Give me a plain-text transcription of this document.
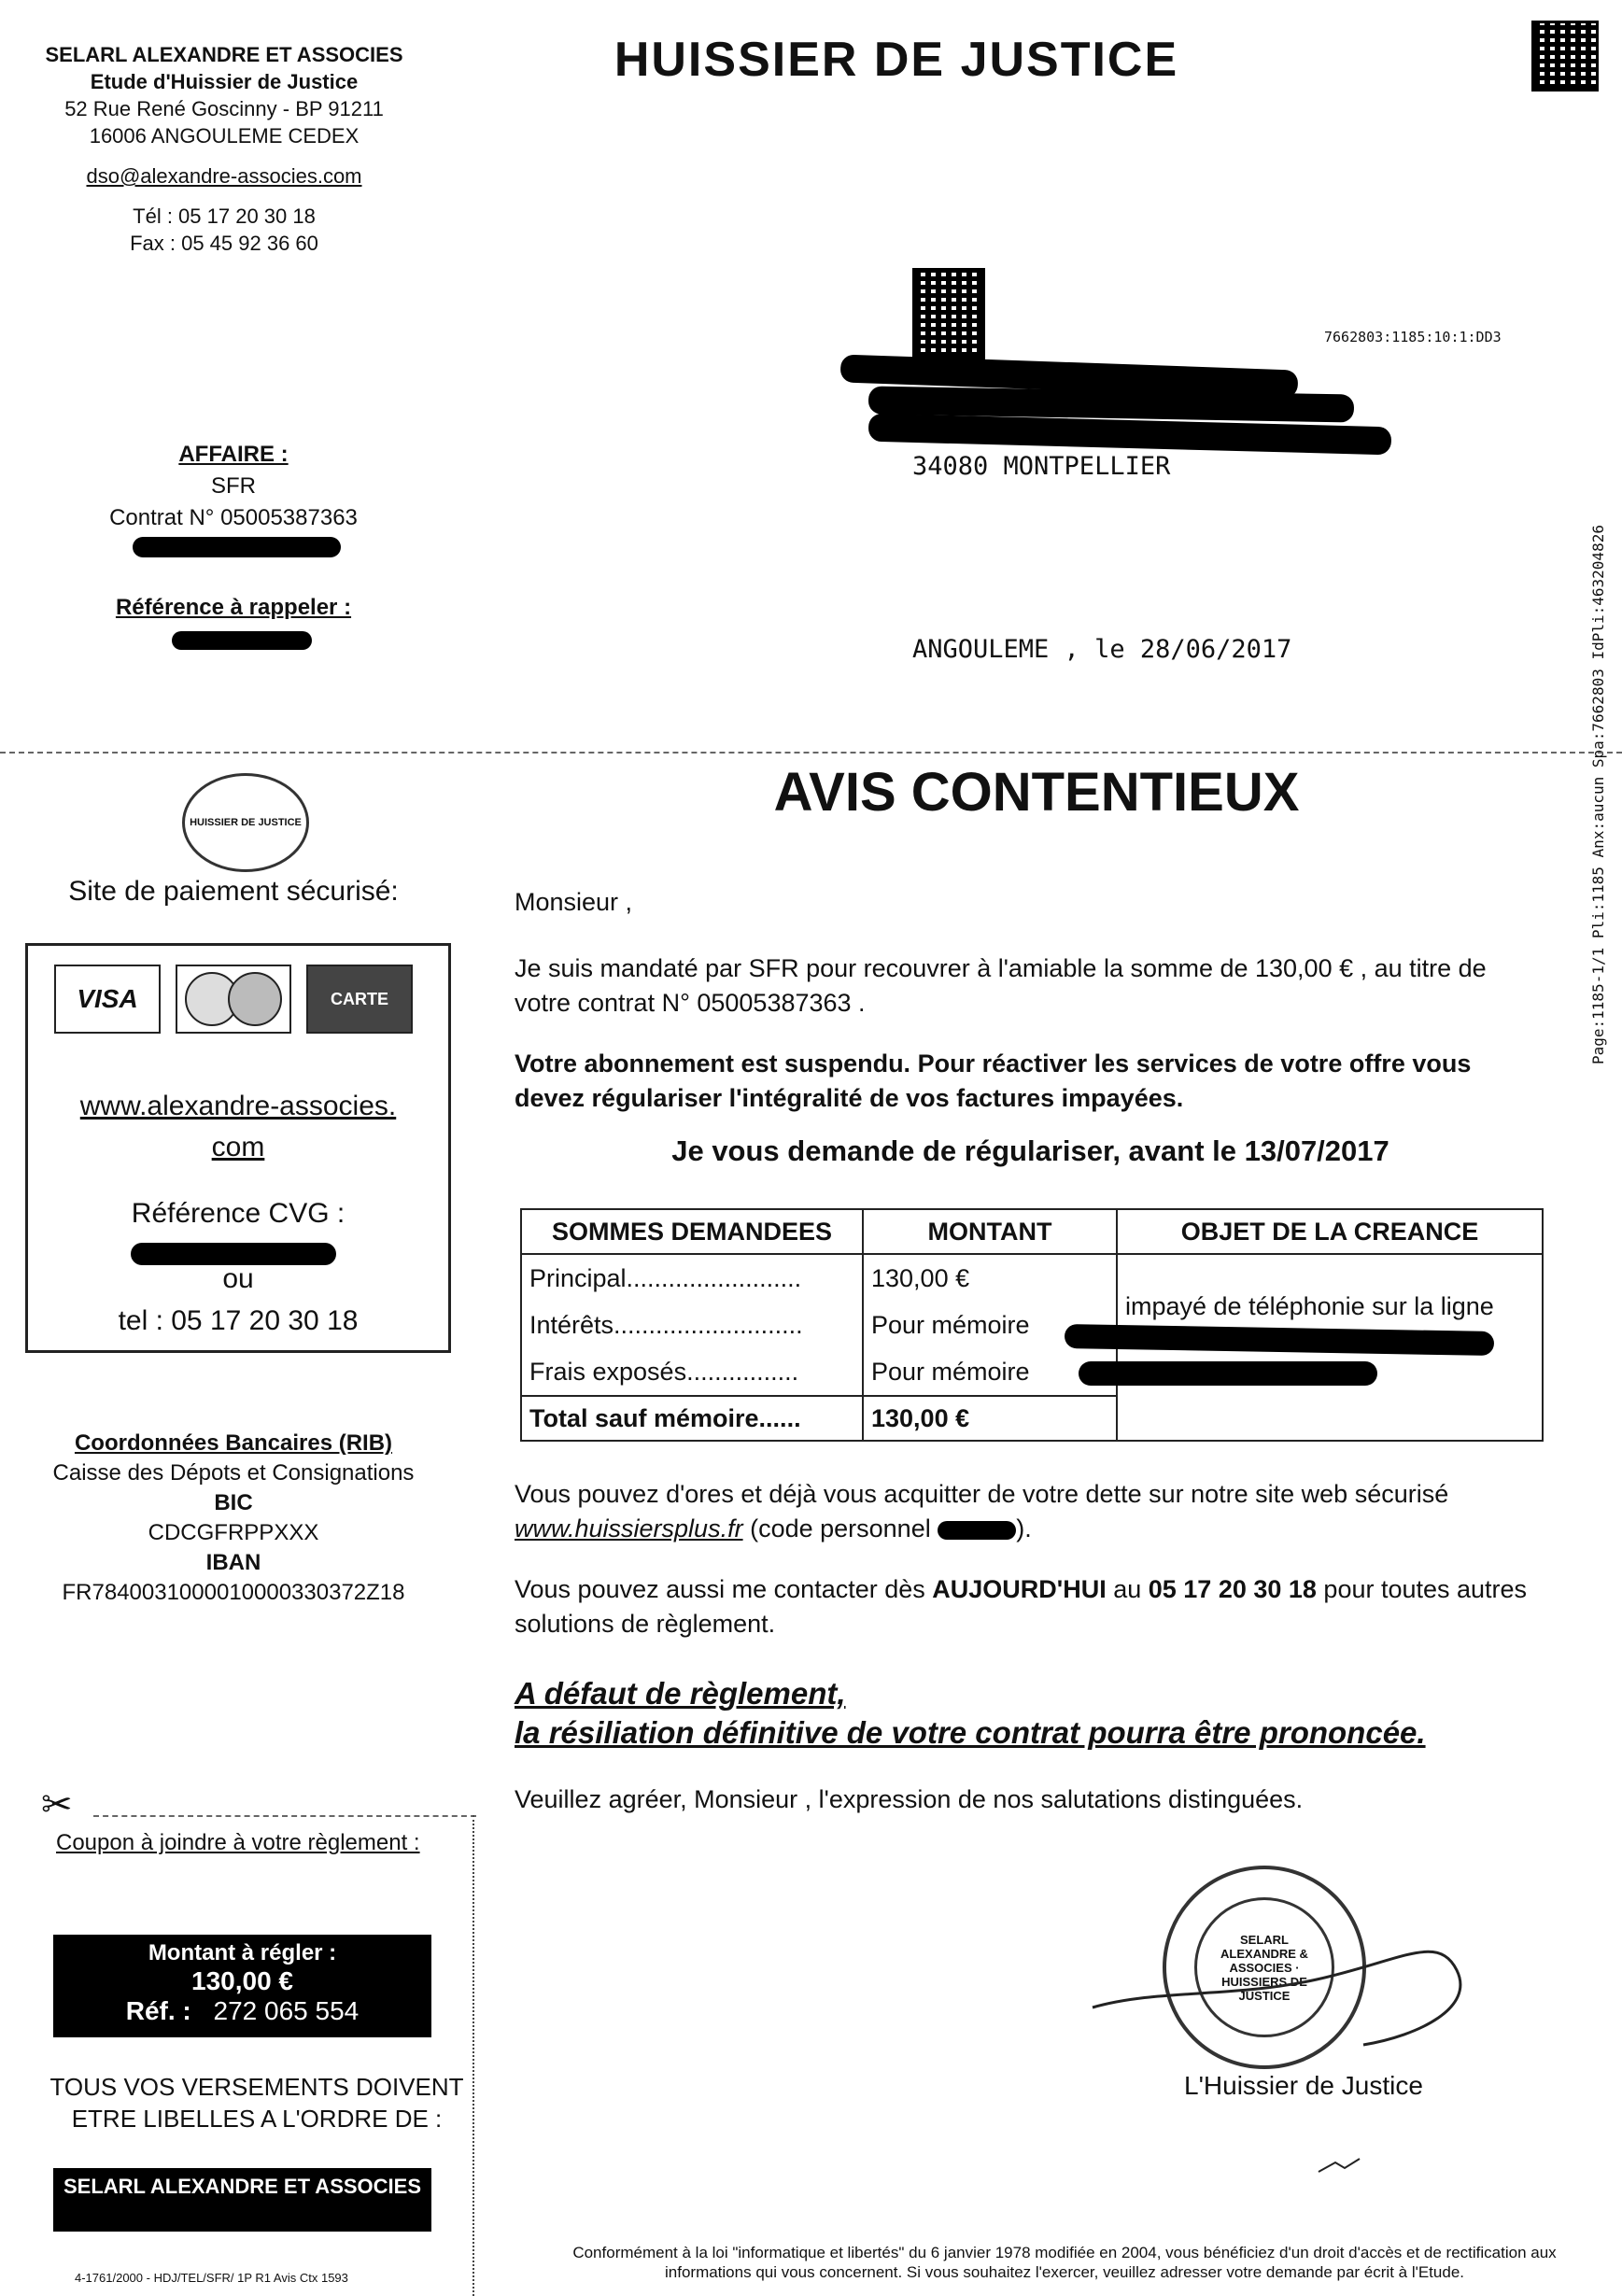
SELARL ALEXANDRE ET ASSOCIES
Etude d'Huissier de Justice
52 Rue René Goscinny - BP 91211
16006 ANGOULEME CEDEX
dso@alexandre-associes.com
Tél : 05 17 20 30 18
Fax : 05 45 92 36 60
HUISSIER DE JUSTICE
7662803:1185:10:1:DD3
Page:1185-1/1 Pli:1185 Anx:aucun Spa:7662803 IdPli:463204826
AFFAIRE :
SFR
Contrat N° 05005387363
Référence à rappeler :
34080 MONTPELLIER
ANGOULEME , le 28/06/2017
AVIS CONTENTIEUX
HUISSIER DE JUSTICE
Site de paiement sécurisé:
VISA	CARTE
www.alexandre-associes.
com
Référence CVG :
ou
tel : 05 17 20 30 18
Coordonnées Bancaires (RIB)
Caisse des Dépots et Consignations
BIC
CDCGFRPPXXX
IBAN
FR7840031000010000330372Z18
✂
Coupon à joindre à votre règlement :
Montant à régler :
130,00 €
Réf. : 272 065 554
TOUS VOS VERSEMENTS DOIVENT
ETRE LIBELLES A L'ORDRE DE :
SELARL ALEXANDRE ET ASSOCIES
4-1761/2000 - HDJ/TEL/SFR/ 1P R1 Avis Ctx 1593

Monsieur ,

Je suis mandaté par SFR pour recouvrer à l'amiable la somme de 130,00 € , au titre de votre contrat N° 05005387363 .

Votre abonnement est suspendu. Pour réactiver les services de votre offre vous devez régulariser l'intégralité de vos factures impayées.

Je vous demande de régulariser, avant le 13/07/2017
SOMMES DEMANDEES	MONTANT	OBJET DE LA CREANCE
Principal.........................	130,00 €	impayé de téléphonie sur la ligne

Intérêts...........................	Pour mémoire	
Frais exposés................	Pour mémoire	
Total sauf mémoire......	130,00 €	
Vous pouvez d'ores et déjà vous acquitter de votre dette sur notre site web sécurisé www.huissiersplus.fr (code personnel	).
Vous pouvez aussi me contacter dès AUJOURD'HUI au 05 17 20 30 18 pour toutes autres solutions de règlement.
A défaut de règlement,
la résiliation définitive de votre contrat pourra être prononcée.
Veuillez agréer, Monsieur , l'expression de nos salutations distinguées.
SELARL ALEXANDRE & ASSOCIES · HUISSIERS DE JUSTICE
L'Huissier de Justice
Conformément à la loi "informatique et libertés" du 6 janvier 1978 modifiée en 2004, vous bénéficiez d'un droit d'accès et de rectification aux informations qui vous concernent. Si vous souhaitez l'exercer, veuillez adresser votre demande par écrit à l'Etude.
